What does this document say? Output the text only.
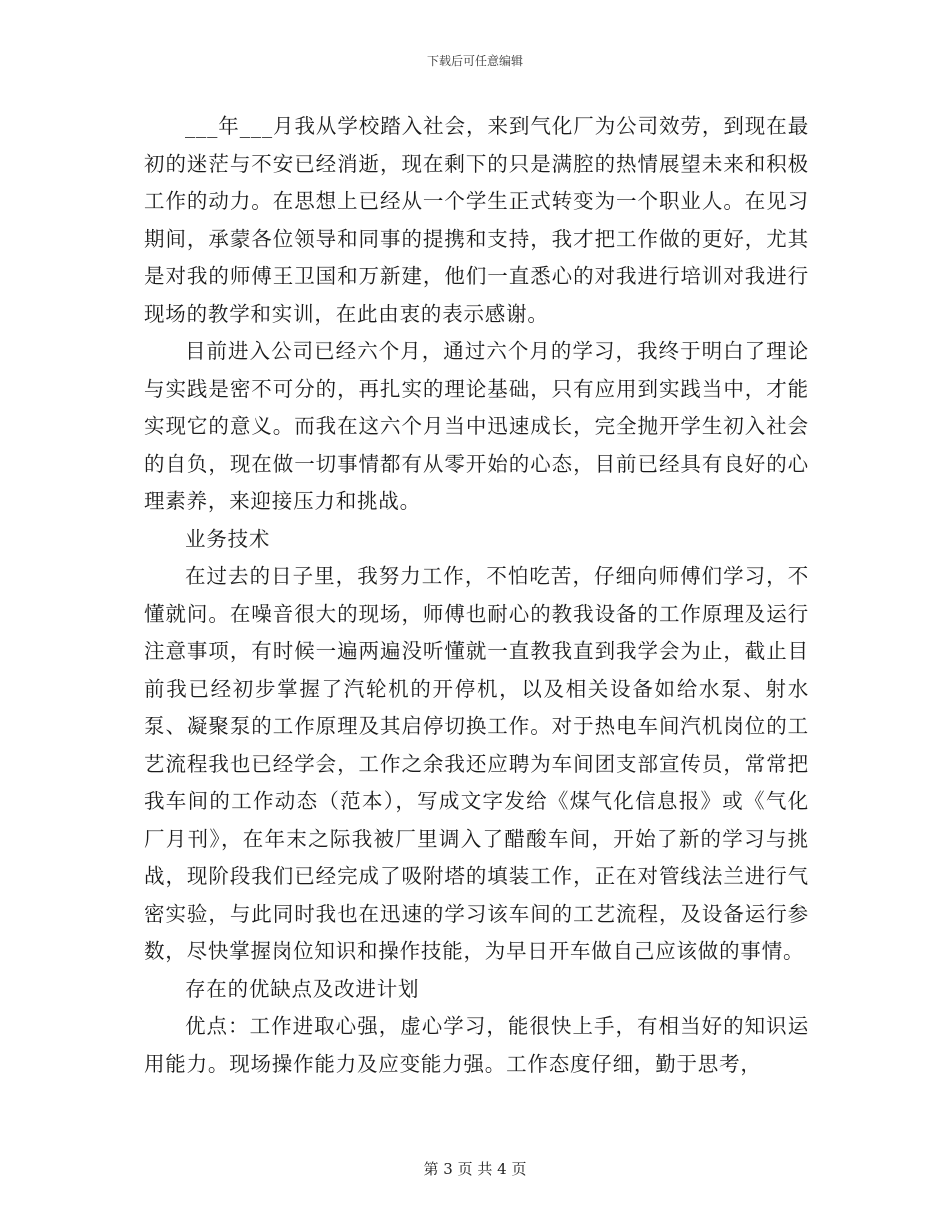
下载后可任意编辑

___年___月我从学校踏入社会，来到气化厂为公司效劳，到现在最初的迷茫与不安已经消逝，现在剩下的只是满腔的热情展望未来和积极工作的动力。在思想上已经从一个学生正式转变为一个职业人。在见习期间，承蒙各位领导和同事的提携和支持，我才把工作做的更好，尤其是对我的师傅王卫国和万新建，他们一直悉心的对我进行培训对我进行现场的教学和实训，在此由衷的表示感谢。

目前进入公司已经六个月，通过六个月的学习，我终于明白了理论与实践是密不可分的，再扎实的理论基础，只有应用到实践当中，才能实现它的意义。而我在这六个月当中迅速成长，完全抛开学生初入社会的自负，现在做一切事情都有从零开始的心态，目前已经具有良好的心理素养，来迎接压力和挑战。

业务技术

在过去的日子里，我努力工作，不怕吃苦，仔细向师傅们学习，不懂就问。在噪音很大的现场，师傅也耐心的教我设备的工作原理及运行注意事项，有时候一遍两遍没听懂就一直教我直到我学会为止，截止目前我已经初步掌握了汽轮机的开停机，以及相关设备如给水泵、射水泵、凝聚泵的工作原理及其启停切换工作。对于热电车间汽机岗位的工艺流程我也已经学会，工作之余我还应聘为车间团支部宣传员，常常把我车间的工作动态（范本），写成文字发给《煤气化信息报》或《气化厂月刊》，在年末之际我被厂里调入了醋酸车间，开始了新的学习与挑战，现阶段我们已经完成了吸附塔的填装工作，正在对管线法兰进行气密实验，与此同时我也在迅速的学习该车间的工艺流程，及设备运行参数，尽快掌握岗位知识和操作技能，为早日开车做自己应该做的事情。

存在的优缺点及改进计划

优点：工作进取心强，虚心学习，能很快上手，有相当好的知识运用能力。现场操作能力及应变能力强。工作态度仔细，勤于思考，

第 3 页 共 4 页
